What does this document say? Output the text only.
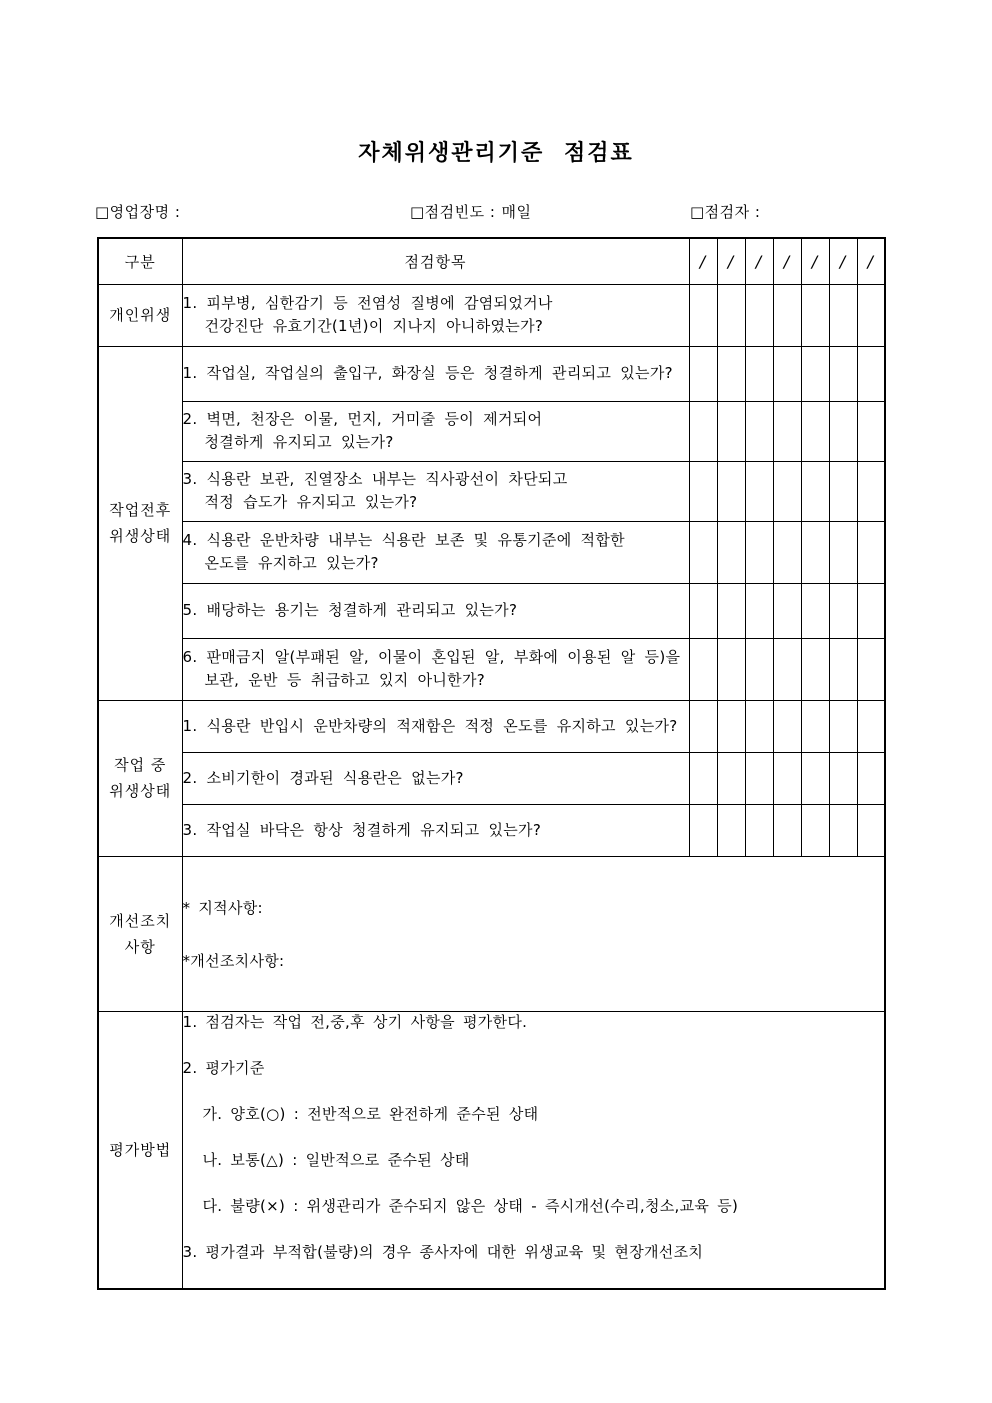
자체위생관리기준 점검표
□영업장명 :	□점검빈도 : 매일	□점검자 :
구분	점검항목	/	/	/	/	/	/	/

개인위생	1. 피부병, 심한감기 등 전염성 질병에 감염되었거나
건강진단 유효기간(1년)이 지나지 아니하였는가?							

작업전후
위생상태	1. 작업실, 작업실의 출입구, 화장실 등은 청결하게 관리되고 있는가?							

	2. 벽면, 천장은 이물, 먼지, 거미줄 등이 제거되어
청결하게 유지되고 있는가?							

	3. 식용란 보관, 진열장소 내부는 직사광선이 차단되고
적정 습도가 유지되고 있는가?							

	4. 식용란 운반차량 내부는 식용란 보존 및 유통기준에 적합한
온도를 유지하고 있는가?							

	5. 배당하는 용기는 청결하게 관리되고 있는가?							

	6. 판매금지 알(부패된 알, 이물이 혼입된 알, 부화에 이용된 알 등)을
보관, 운반 등 취급하고 있지 아니한가?							

작업 중
위생상태	1. 식용란 반입시 운반차량의 적재함은 적정 온도를 유지하고 있는가?							

	2. 소비기한이 경과된 식용란은 없는가?							

	3. 작업실 바닥은 항상 청결하게 유지되고 있는가?							

개선조치
사항

* 지적사항:
*개선조치사항:

평가방법

1. 점검자는 작업 전,중,후 상기 사항을 평가한다.
2. 평가기준
가. 양호(○) : 전반적으로 완전하게 준수된 상태
나. 보통(△) : 일반적으로 준수된 상태
다. 불량(×) : 위생관리가 준수되지 않은 상태 - 즉시개선(수리,청소,교육 등)
3. 평가결과 부적합(불량)의 경우 종사자에 대한 위생교육 및 현장개선조치
